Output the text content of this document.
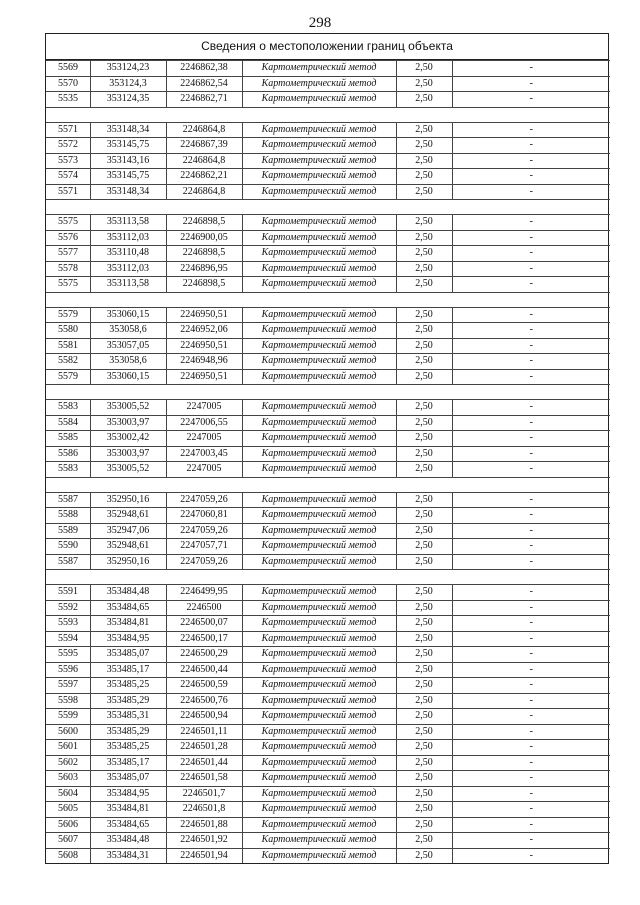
298
Сведения о местоположении границ объекта
5569	353124,23	2246862,38	Картометрический метод	2,50	-
5570	353124,3	2246862,54	Картометрический метод	2,50	-
5535	353124,35	2246862,71	Картометрический метод	2,50	-

5571	353148,34	2246864,8	Картометрический метод	2,50	-
5572	353145,75	2246867,39	Картометрический метод	2,50	-
5573	353143,16	2246864,8	Картометрический метод	2,50	-
5574	353145,75	2246862,21	Картометрический метод	2,50	-
5571	353148,34	2246864,8	Картометрический метод	2,50	-

5575	353113,58	2246898,5	Картометрический метод	2,50	-
5576	353112,03	2246900,05	Картометрический метод	2,50	-
5577	353110,48	2246898,5	Картометрический метод	2,50	-
5578	353112,03	2246896,95	Картометрический метод	2,50	-
5575	353113,58	2246898,5	Картометрический метод	2,50	-

5579	353060,15	2246950,51	Картометрический метод	2,50	-
5580	353058,6	2246952,06	Картометрический метод	2,50	-
5581	353057,05	2246950,51	Картометрический метод	2,50	-
5582	353058,6	2246948,96	Картометрический метод	2,50	-
5579	353060,15	2246950,51	Картометрический метод	2,50	-

5583	353005,52	2247005	Картометрический метод	2,50	-
5584	353003,97	2247006,55	Картометрический метод	2,50	-
5585	353002,42	2247005	Картометрический метод	2,50	-
5586	353003,97	2247003,45	Картометрический метод	2,50	-
5583	353005,52	2247005	Картометрический метод	2,50	-

5587	352950,16	2247059,26	Картометрический метод	2,50	-
5588	352948,61	2247060,81	Картометрический метод	2,50	-
5589	352947,06	2247059,26	Картометрический метод	2,50	-
5590	352948,61	2247057,71	Картометрический метод	2,50	-
5587	352950,16	2247059,26	Картометрический метод	2,50	-

5591	353484,48	2246499,95	Картометрический метод	2,50	-
5592	353484,65	2246500	Картометрический метод	2,50	-
5593	353484,81	2246500,07	Картометрический метод	2,50	-
5594	353484,95	2246500,17	Картометрический метод	2,50	-
5595	353485,07	2246500,29	Картометрический метод	2,50	-
5596	353485,17	2246500,44	Картометрический метод	2,50	-
5597	353485,25	2246500,59	Картометрический метод	2,50	-
5598	353485,29	2246500,76	Картометрический метод	2,50	-
5599	353485,31	2246500,94	Картометрический метод	2,50	-
5600	353485,29	2246501,11	Картометрический метод	2,50	-
5601	353485,25	2246501,28	Картометрический метод	2,50	-
5602	353485,17	2246501,44	Картометрический метод	2,50	-
5603	353485,07	2246501,58	Картометрический метод	2,50	-
5604	353484,95	2246501,7	Картометрический метод	2,50	-
5605	353484,81	2246501,8	Картометрический метод	2,50	-
5606	353484,65	2246501,88	Картометрический метод	2,50	-
5607	353484,48	2246501,92	Картометрический метод	2,50	-
5608	353484,31	2246501,94	Картометрический метод	2,50	-
